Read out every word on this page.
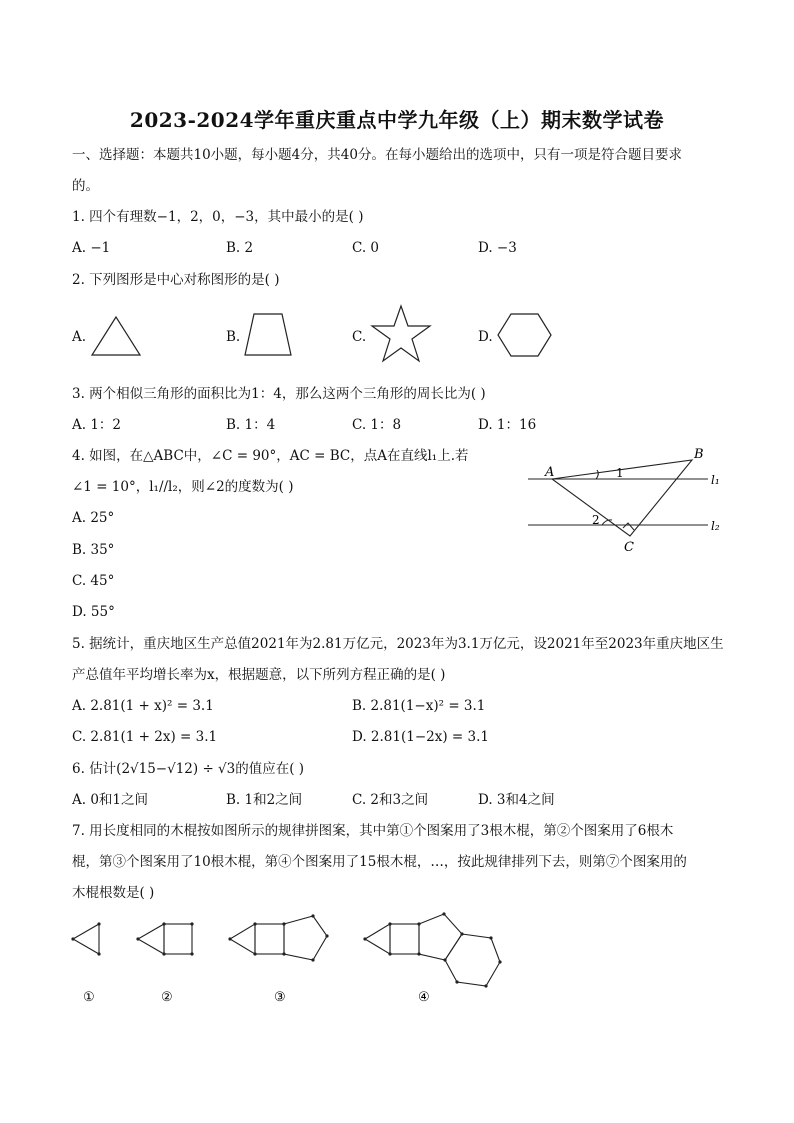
2023-2024学年重庆重点中学九年级（上）期末数学试卷
一、选择题：本题共10小题，每小题4分，共40分。在每小题给出的选项中，只有一项是符合题目要求
的。
1. 四个有理数−1，2，0，−3，其中最小的是( )
A. −1	B. 2	C. 0	D. −3
2. 下列图形是中心对称图形的是( )
A.	B.	C.	D.
3. 两个相似三角形的面积比为1：4，那么这两个三角形的周长比为( )
A. 1：2	B. 1：4	C. 1：8	D. 1：16
4. 如图，在△ABC中，∠C = 90°，AC = BC，点A在直线l₁上.若
∠1 = 10°，l₁//l₂，则∠2的度数为( )
A. 25°
B. 35°
C. 45°
D. 55°
A
B
C
1
2
l₁
l₂
5. 据统计，重庆地区生产总值2021年为2.81万亿元，2023年为3.1万亿元，设2021年至2023年重庆地区生
产总值年平均增长率为x，根据题意，以下所列方程正确的是( )
A. 2.81(1 + x)² = 3.1	B. 2.81(1−x)² = 3.1
C. 2.81(1 + 2x) = 3.1	D. 2.81(1−2x) = 3.1
6. 估计(2√15−√12) ÷ √3的值应在( )
A. 0和1之间	B. 1和2之间	C. 2和3之间	D. 3和4之间
7. 用长度相同的木棍按如图所示的规律拼图案，其中第①个图案用了3根木棍，第②个图案用了6根木
棍，第③个图案用了10根木棍，第④个图案用了15根木棍，…，按此规律排列下去，则第⑦个图案用的
木棍根数是( )
①	②	③	④
